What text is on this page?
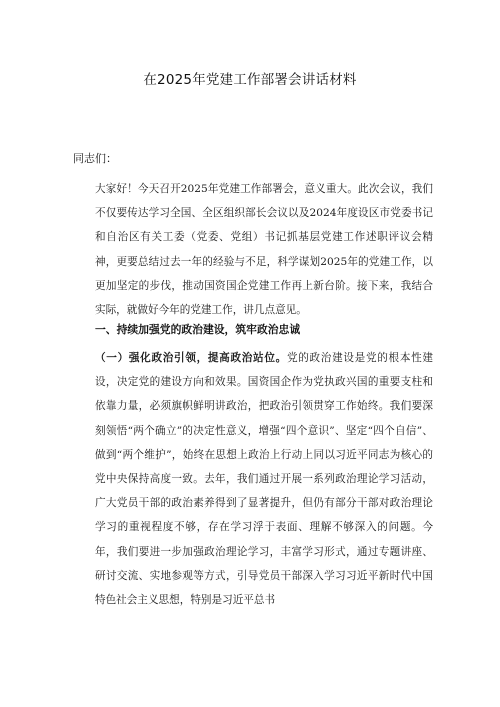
在2025年党建工作部署会讲话材料
同志们：
大家好！今天召开2025年党建工作部署会，意义重大。此次会议，我们不仅要传达学习全国、全区组织部长会议以及2024年度设区市党委书记和自治区有关工委（党委、党组）书记抓基层党建工作述职评议会精神，更要总结过去一年的经验与不足，科学谋划2025年的党建工作，以更加坚定的步伐，推动国资国企党建工作再上新台阶。接下来，我结合实际，就做好今年的党建工作，讲几点意见。
一、持续加强党的政治建设，筑牢政治忠诚
（一）强化政治引领，提高政治站位。党的政治建设是党的根本性建设，决定党的建设方向和效果。国资国企作为党执政兴国的重要支柱和依靠力量，必须旗帜鲜明讲政治，把政治引领贯穿工作始终。我们要深刻领悟“两个确立”的决定性意义，增强“四个意识”、坚定“四个自信”、做到“两个维护”，始终在思想上政治上行动上同以习近平同志为核心的党中央保持高度一致。去年，我们通过开展一系列政治理论学习活动，广大党员干部的政治素养得到了显著提升，但仍有部分干部对政治理论学习的重视程度不够，存在学习浮于表面、理解不够深入的问题。今年，我们要进一步加强政治理论学习，丰富学习形式，通过专题讲座、研讨交流、实地参观等方式，引导党员干部深入学习习近平新时代中国特色社会主义思想，特别是习近平总书
